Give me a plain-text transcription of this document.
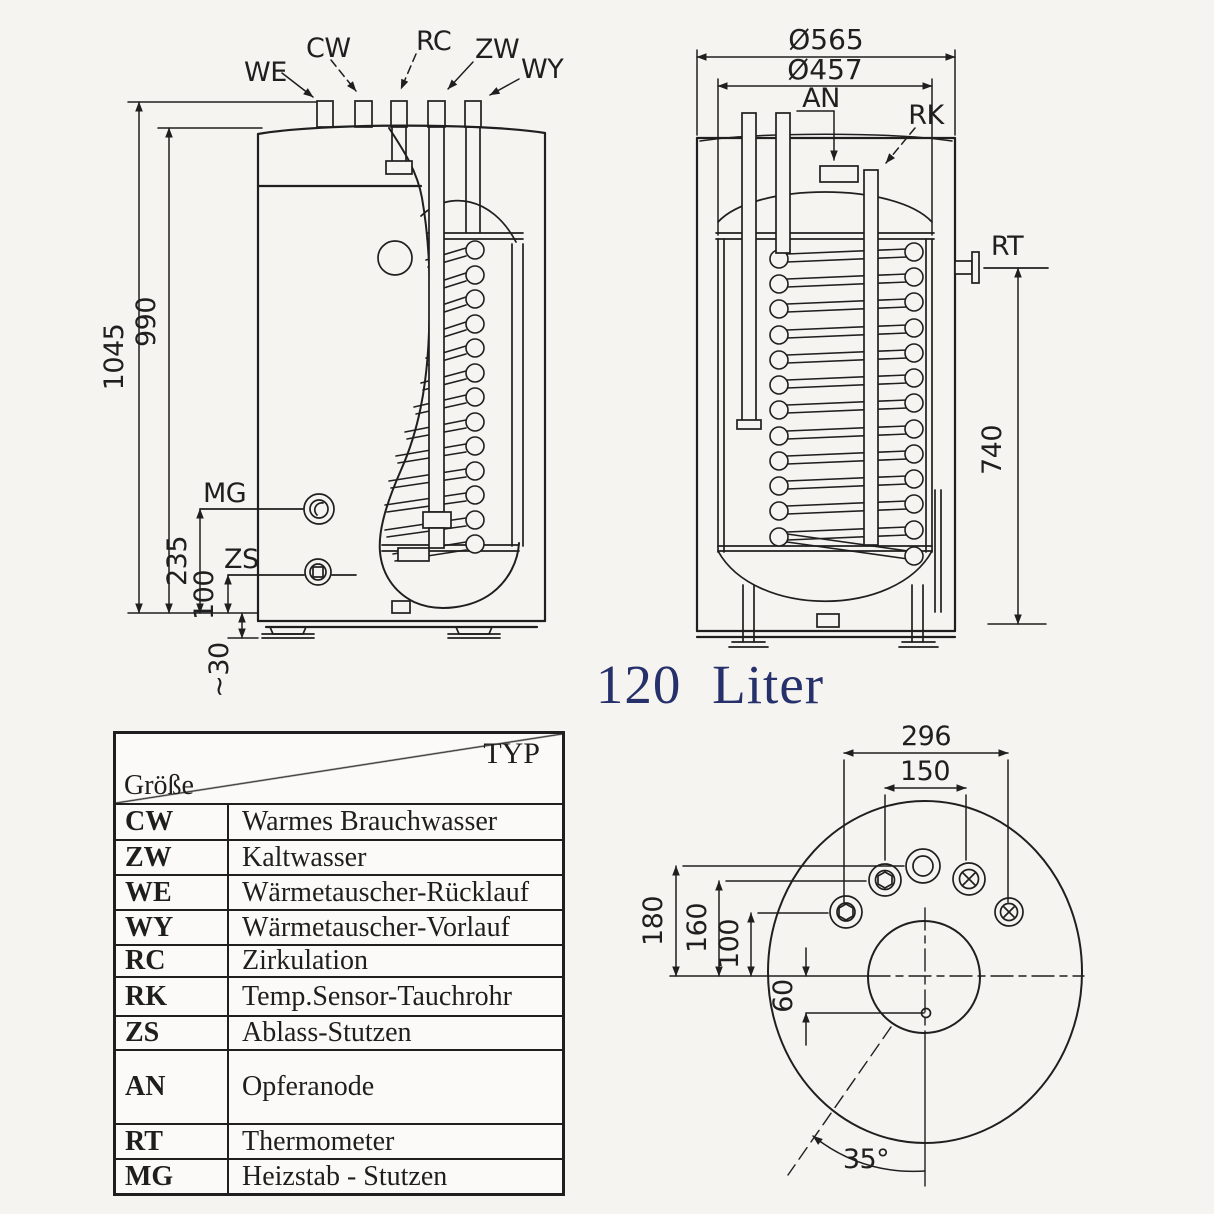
WE
CW RC ZW
WY
MG
ZS
1045
990
235
100
~30
Ø565
Ø457
AN
RK
RT
740
296
150
180 160 100
60
35°
120 Liter
TYP
Größe
CW	Warmes Brauchwasser
ZW	Kaltwasser
WE	Wärmetauscher-Rücklauf
WY	Wärmetauscher-Vorlauf
RC	Zirkulation
RK	Temp.Sensor-Tauchrohr
ZS	Ablass-Stutzen
AN	Opferanode
RT	Thermometer
MG	Heizstab - Stutzen
